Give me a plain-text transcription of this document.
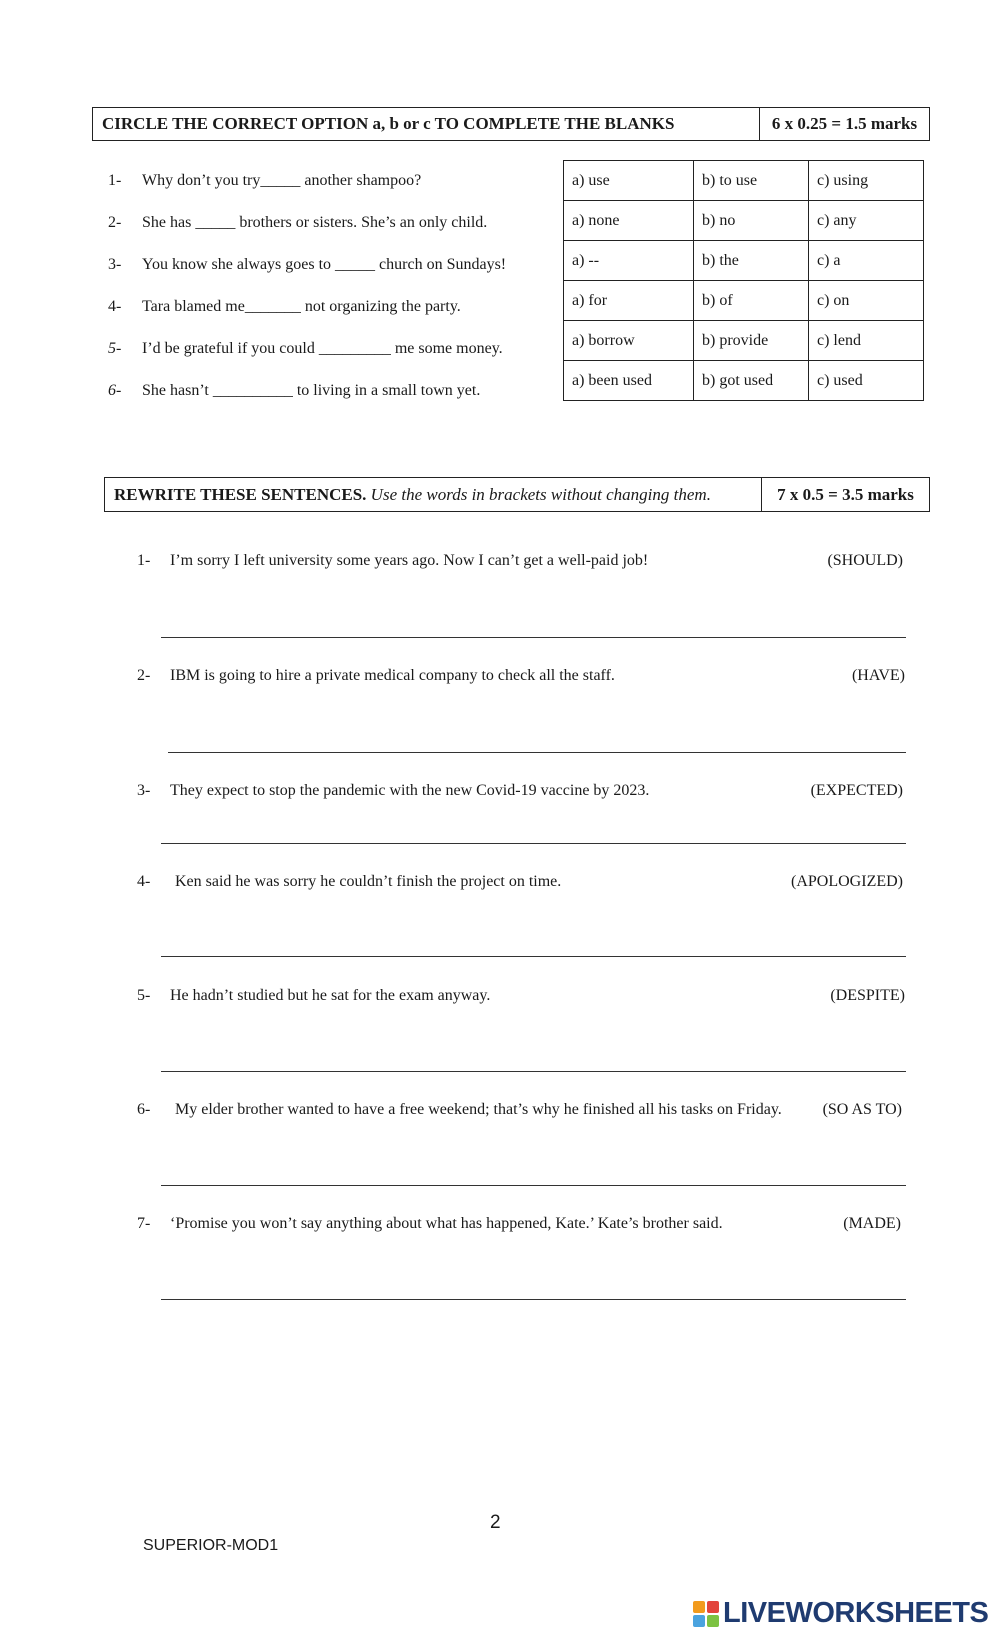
CIRCLE THE CORRECT OPTION a, b or c TO COMPLETE THE BLANKS	6 x 0.25 = 1.5 marks
1-	Why don’t you try_____ another shampoo?
2-	She has _____ brothers or sisters. She’s an only child.
3-	You know she always goes to _____ church on Sundays!
4-	Tara blamed me_______ not organizing the party.
5-	I’d be grateful if you could _________ me some money.
6-	She hasn’t __________ to living in a small town yet.
a) use	b) to use	c) using
a) none	b) no	c) any
a) --	b) the	c) a
a) for	b) of	c) on
a) borrow	b) provide	c) lend
a) been used	b) got used	c) used
REWRITE THESE SENTENCES.
Use the words in brackets without changing them.	7 x 0.5 = 3.5 marks
1- I’m sorry I left university some years ago. Now I can’t get a well-paid job!	(SHOULD)
2- IBM is going to hire a private medical company to check all the staff.	(HAVE)
3- They expect to stop the pandemic with the new Covid-19 vaccine by 2023.	(EXPECTED)
4- Ken said he was sorry he couldn’t finish the project on time.	(APOLOGIZED)
5- He hadn’t studied but he sat for the exam anyway.	(DESPITE)
6- My elder brother wanted to have a free weekend; that’s why he finished all his tasks on Friday.	(SO AS TO)
7- ‘Promise you won’t say anything about what has happened, Kate.’ Kate’s brother said.	(MADE)
2
SUPERIOR-MOD1
LIVEWORKSHEETS
